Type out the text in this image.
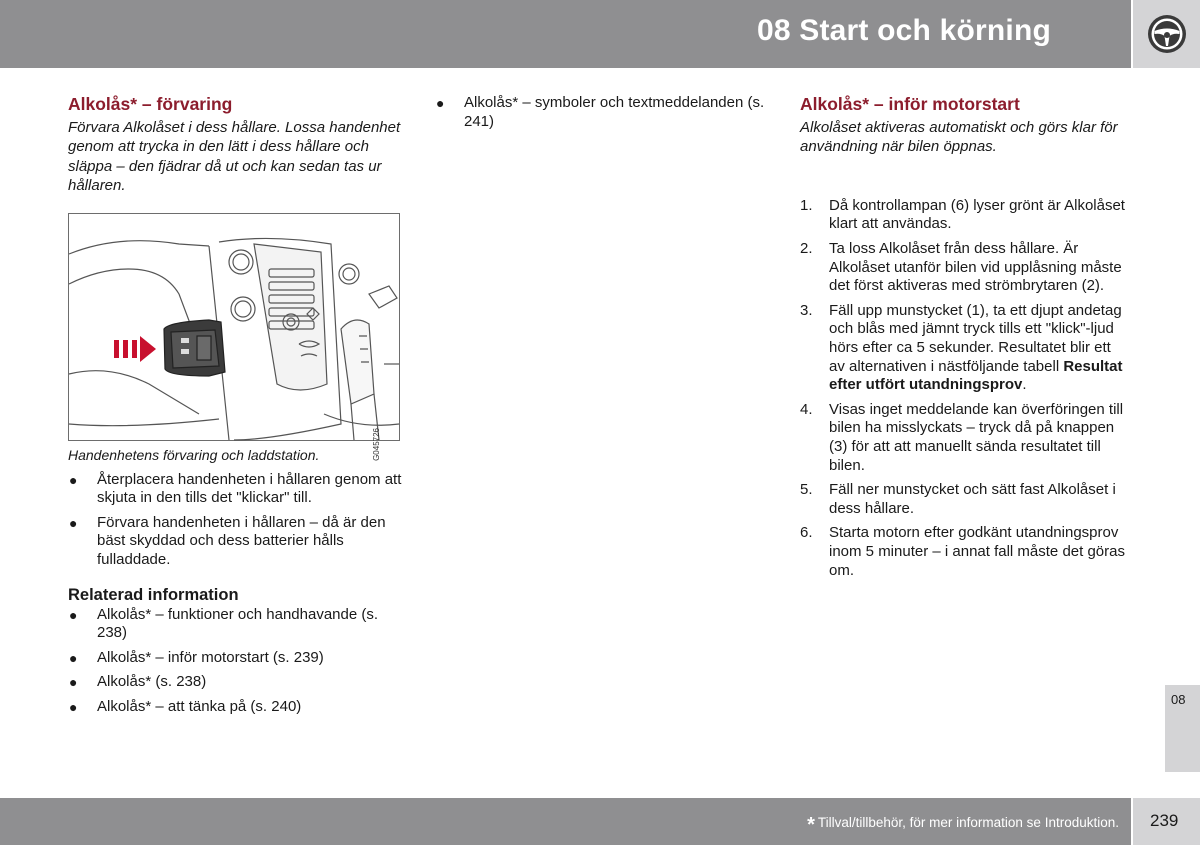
08 Start och körning
Alkolås* – förvaring

Förvara Alkolåset i dess hållare. Lossa handenhet genom att trycka in den lätt i dess hållare och släppa – den fjädrar då ut och kan sedan tas ur hållaren.

G045726

Handenhetens förvaring och laddstation.

● Återplacera handenheten i hållaren genom att skjuta in den tills det "klickar" till.
● Förvara handenheten i hållaren – då är den bäst skyddad och dess batterier hålls fulladdade.
Relaterad information
● Alkolås* – funktioner och handhavande (s. 238)
● Alkolås* – inför motorstart (s. 239)
● Alkolås* (s. 238)
● Alkolås* – att tänka på (s. 240)
● Alkolås* – symboler och textmeddelanden (s. 241)
Alkolås* – inför motorstart

Alkolåset aktiveras automatiskt och görs klar för användning när bilen öppnas.

1. Då kontrollampan (6) lyser grönt är Alkolåset klart att användas.
2. Ta loss Alkolåset från dess hållare. Är Alkolåset utanför bilen vid upplåsning måste det först aktiveras med strömbrytaren (2).
3. Fäll upp munstycket (1), ta ett djupt andetag och blås med jämnt tryck tills ett "klick"-ljud hörs efter ca 5 sekunder. Resultatet blir ett av alternativen i nästföljande tabell Resultat efter utfört utandningsprov.
4. Visas inget meddelande kan överföringen till bilen ha misslyckats – tryck då på knappen (3) för att att manuellt sända resultatet till bilen.
5. Fäll ner munstycket och sätt fast Alkolåset i dess hållare.
6. Starta motorn efter godkänt utandningsprov inom 5 minuter – i annat fall måste det göras om.
08
* Tillval/tillbehör, för mer information se Introduktion. 239
